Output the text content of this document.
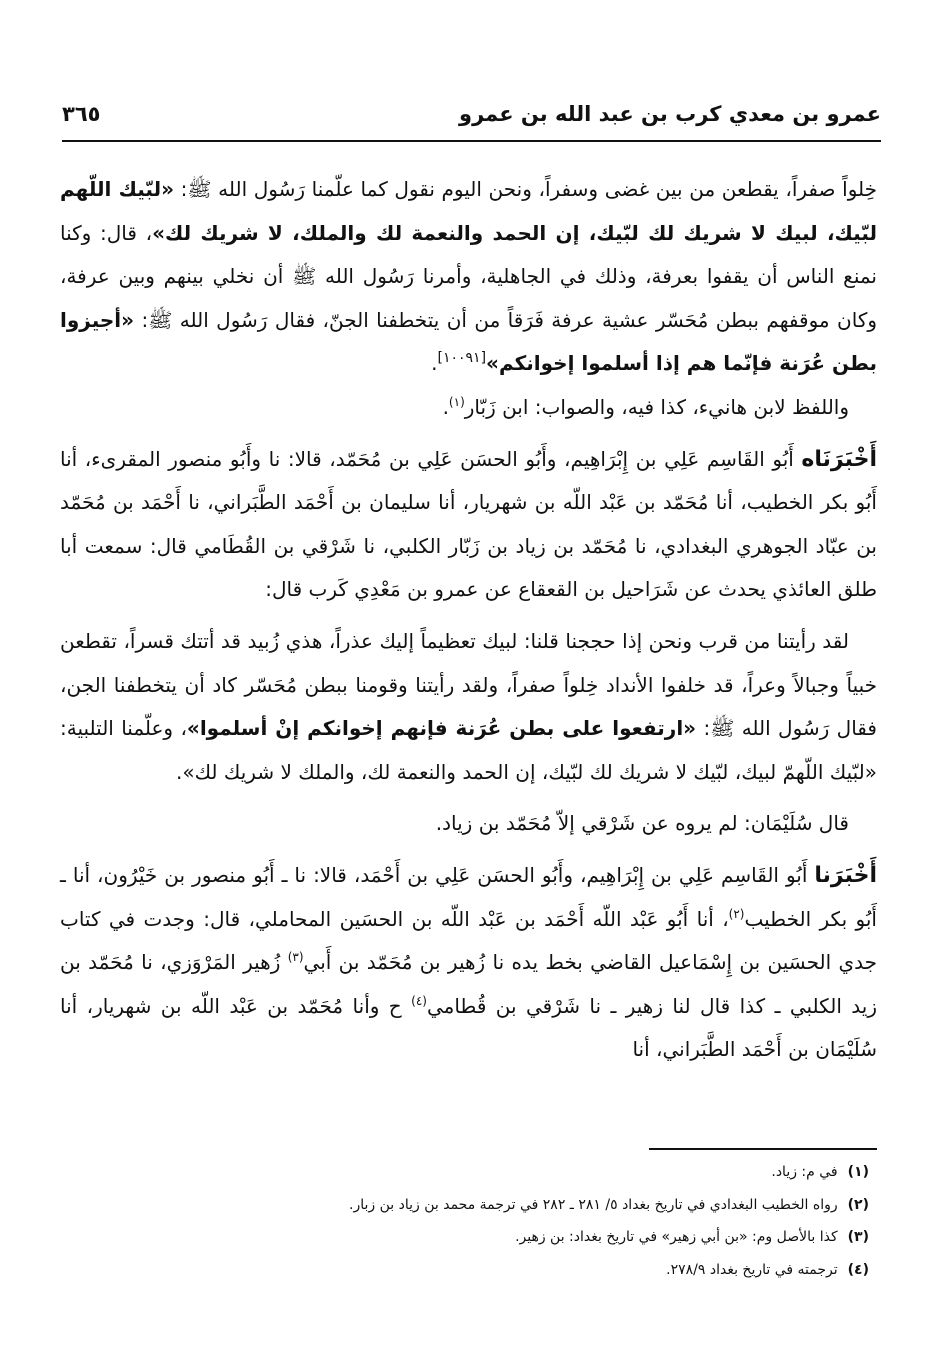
عمرو بن معدي كرب بن عبد الله بن عمرو
٣٦٥

خِلواً صفراً، يقطعن من بين غضى وسفراً، ونحن اليوم نقول كما علّمنا رَسُول الله ﷺ: «لبّيك اللّهم لبّيك، لبيك لا شريك لك لبّيك، إن الحمد والنعمة لك والملك، لا شريك لك»، قال: وكنا نمنع الناس أن يقفوا بعرفة، وذلك في الجاهلية، وأمرنا رَسُول الله ﷺ أن نخلي بينهم وبين عرفة، وكان موقفهم ببطن مُحَسّر عشية عرفة فَرَقاً من أن يتخطفنا الجنّ، فقال رَسُول الله ﷺ: «أجيزوا بطن عُرَنة فإنّما هم إذا أسلموا إخوانكم»[١٠٠٩١].

واللفظ لابن هانيء، كذا فيه، والصواب: ابن زَبّار$^{(١)}$.

أَخْبَرَنَاه أَبُو القَاسِم عَلِي بن إِبْرَاهِيم، وأَبُو الحسَن عَلِي بن مُحَمّد، قالا: نا وأَبُو منصور المقرىء، أنا أَبُو بكر الخطيب، أنا مُحَمّد بن عَبْد اللّه بن شهريار، أنا سليمان بن أَحْمَد الطَّبَراني، نا أَحْمَد بن مُحَمّد بن عبّاد الجوهري البغدادي، نا مُحَمّد بن زياد بن زَبّار الكلبي، نا شَرْقي بن القُطَامي قال: سمعت أبا طلق العائذي يحدث عن شَرَاحيل بن القعقاع عن عمرو بن مَعْدِي كَرب قال:

لقد رأيتنا من قرب ونحن إذا حججنا قلنا: لبيك تعظيماً إليك عذراً، هذي زُبيد قد أتتك قسراً، تقطعن خبياً وجبالاً وعراً، قد خلفوا الأنداد خِلواً صفراً، ولقد رأيتنا وقومنا ببطن مُحَسّر كاد أن يتخطفنا الجن، فقال رَسُول الله ﷺ: «ارتفعوا على بطن عُرَنة فإنهم إخوانكم إنْ أسلموا»، وعلّمنا التلبية: «لبّيك اللّهمّ لبيك، لبّيك لا شريك لك لبّيك، إن الحمد والنعمة لك، والملك لا شريك لك».

قال سُلَيْمَان: لم يروه عن شَرْقي إلاّ مُحَمّد بن زياد.

أَخْبَرَنا أَبُو القَاسِم عَلِي بن إِبْرَاهِيم، وأَبُو الحسَن عَلِي بن أَحْمَد، قالا: نا ـ أَبُو منصور بن خَيْرُون، أنا ـ أَبُو بكر الخطيب$^{(٢)}$، أنا أَبُو عَبْد اللّه أَحْمَد بن عَبْد اللّه بن الحسَين المحاملي، قال: وجدت في كتاب جدي الحسَين بن إِسْمَاعيل القاضي بخط يده نا زُهير بن مُحَمّد بن أَبي$^{(٣)}$ زُهير المَرْوَزي، نا مُحَمّد بن زيد الكلبي ـ كذا قال لنا زهير ـ نا شَرْقي بن قُطامي$^{(٤)}$ ح وأنا مُحَمّد بن عَبْد اللّه بن شهريار، أنا سُلَيْمَان بن أَحْمَد الطَّبَراني، أنا

(١)في م: زياد.
(٢)رواه الخطيب البغدادي في تاريخ بغداد ٥/ ٢٨١ ـ ٢٨٢ في ترجمة محمد بن زياد بن زبار.
(٣)كذا بالأصل وم: «بن أبي زهير» في تاريخ بغداد: بن زهير.
(٤)ترجمته في تاريخ بغداد ٢٧٨/٩.
